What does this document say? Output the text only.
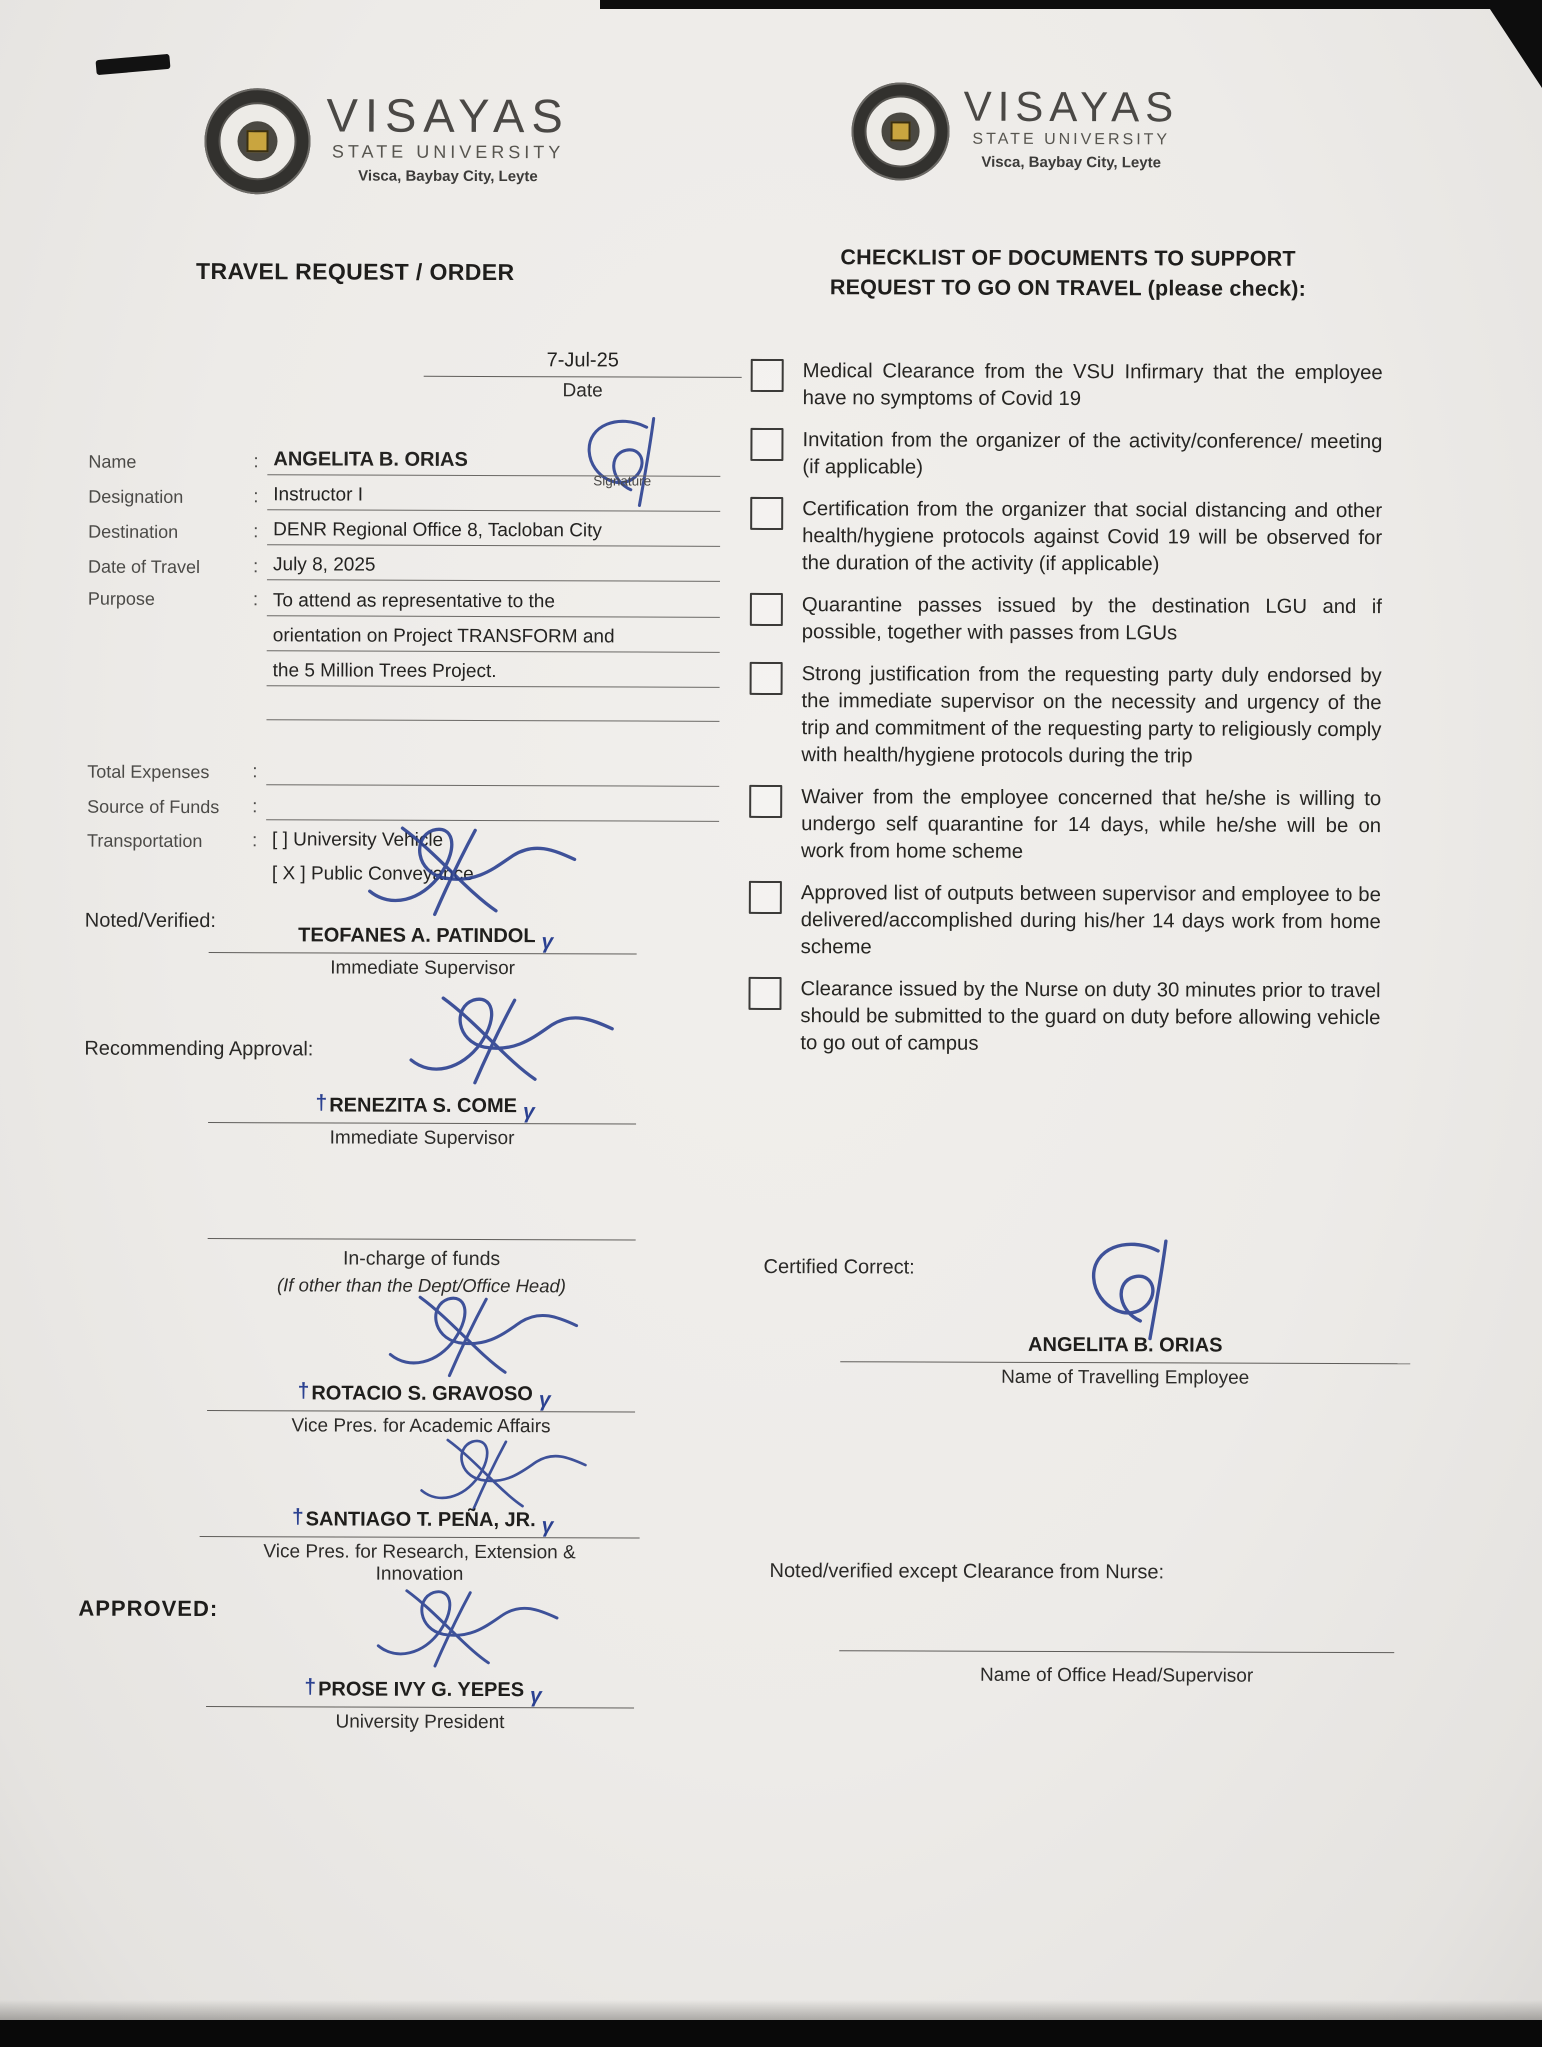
VISAYAS
STATE UNIVERSITY
Visca, Baybay City, Leyte
VISAYAS
STATE UNIVERSITY
Visca, Baybay City, Leyte
TRAVEL REQUEST / ORDER
7-Jul-25
Date
Name	: ANGELITA B. ORIAS
Signature
Designation	: Instructor I
Destination	: DENR Regional Office 8, Tacloban City
Date of Travel	: July 8, 2025
Purpose	: To attend as representative to the
orientation on Project TRANSFORM and
the 5 Million Trees Project.
Total Expenses	:
Source of Funds	:
Transportation	: [ ] University Vehicle
[ X ] Public Conveyance
Noted/Verified:
TEOFANES A. PATINDOL γ
Immediate Supervisor
Recommending Approval:
†RENEZITA S. COME γ
Immediate Supervisor
In-charge of funds
(If other than the Dept/Office Head)
†ROTACIO S. GRAVOSO γ
Vice Pres. for Academic Affairs
†SANTIAGO T. PEÑA, JR. γ
Vice Pres. for Research, Extension &
Innovation
APPROVED:
†PROSE IVY G. YEPES γ
University President
CHECKLIST OF DOCUMENTS TO SUPPORT
REQUEST TO GO ON TRAVEL (please check):
Medical Clearance from the VSU Infirmary that the employee have no symptoms of Covid 19
Invitation from the organizer of the activity/conference/ meeting (if applicable)
Certification from the organizer that social distancing and other health/hygiene protocols against Covid 19 will be observed for the duration of the activity (if applicable)
Quarantine passes issued by the destination LGU and if possible, together with passes from LGUs
Strong justification from the requesting party duly endorsed by the immediate supervisor on the necessity and urgency of the trip and commitment of the requesting party to religiously comply with health/hygiene protocols during the trip
Waiver from the employee concerned that he/she is willing to undergo self quarantine for 14 days, while he/she will be on work from home scheme
Approved list of outputs between supervisor and employee to be delivered/accomplished during his/her 14 days work from home scheme
Clearance issued by the Nurse on duty 30 minutes prior to travel should be submitted to the guard on duty before allowing vehicle to go out of campus
Certified Correct:
ANGELITA B. ORIAS
Name of Travelling Employee
Noted/verified except Clearance from Nurse:
Name of Office Head/Supervisor
